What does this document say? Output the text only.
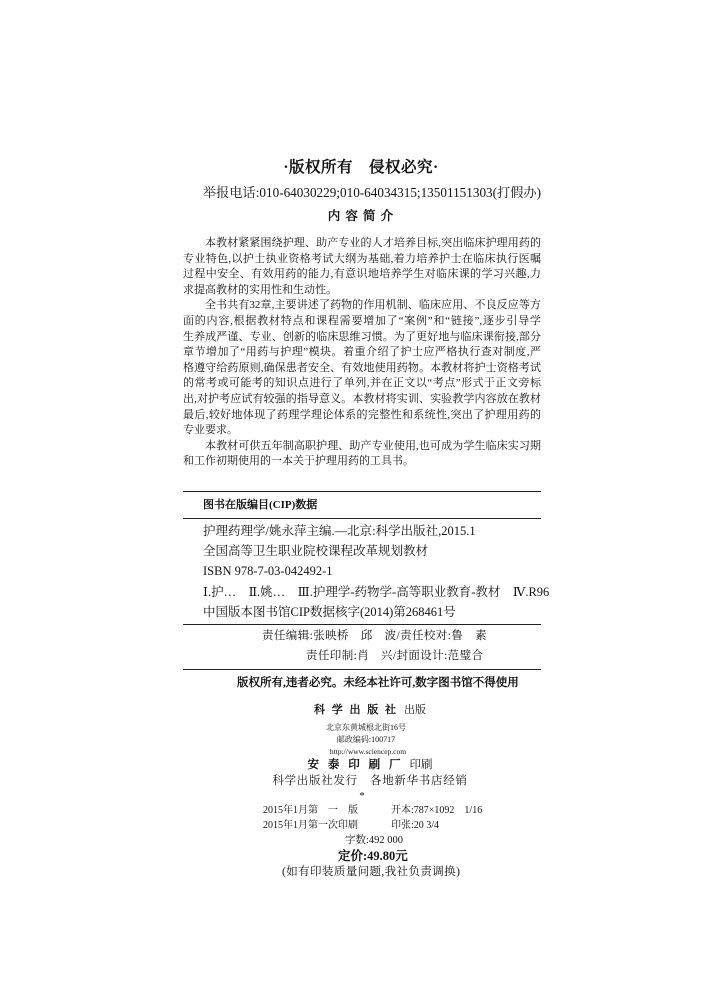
·版权所有　侵权必究·
举报电话:010-64030229;010-64034315;13501151303(打假办)
内 容 简 介
本教材紧紧围绕护理、助产专业的人才培养目标,突出临床护理用药的
专业特色,以护士执业资格考试大纲为基础,着力培养护士在临床执行医嘱
过程中安全、有效用药的能力,有意识地培养学生对临床课的学习兴趣,力
求提高教材的实用性和生动性。
全书共有32章,主要讲述了药物的作用机制、临床应用、不良反应等方
面的内容,根据教材特点和课程需要增加了“案例”和“链接”,逐步引导学
生养成严谨、专业、创新的临床思维习惯。为了更好地与临床课衔接,部分
章节增加了“用药与护理”模块。着重介绍了护士应严格执行查对制度,严
格遵守给药原则,确保患者安全、有效地使用药物。本教材将护士资格考试
的常考或可能考的知识点进行了单列,并在正文以“考点”形式于正文旁标
出,对护考应试有较强的指导意义。本教材将实训、实验教学内容放在教材
最后,较好地体现了药理学理论体系的完整性和系统性,突出了护理用药的
专业要求。
本教材可供五年制高职护理、助产专业使用,也可成为学生临床实习期
和工作初期使用的一本关于护理用药的工具书。
图书在版编目(CIP)数据
护理药理学/姚永萍主编.—北京:科学出版社,2015.1
全国高等卫生职业院校课程改革规划教材
ISBN 978-7-03-042492-1
Ⅰ.护…　Ⅱ.姚…　Ⅲ.护理学-药物学-高等职业教育-教材　Ⅳ.R96
中国版本图书馆CIP数据核字(2014)第268461号
责任编辑:张映桥　邱　波/责任校对:鲁　素
责任印制:肖　兴/封面设计:范璧合
版权所有,违者必究。未经本社许可,数字图书馆不得使用
科 学 出 版 社 出版
北京东黄城根北街16号
邮政编码:100717
http://www.sciencep.com
安 泰 印 刷 厂 印刷
科学出版社发行　各地新华书店经销
*
2015年1月第　一　版	开本:787×1092　1/16
2015年1月第一次印刷	印张:20 3/4
字数:492 000
定价:49.80元
(如有印装质量问题,我社负责调换)
